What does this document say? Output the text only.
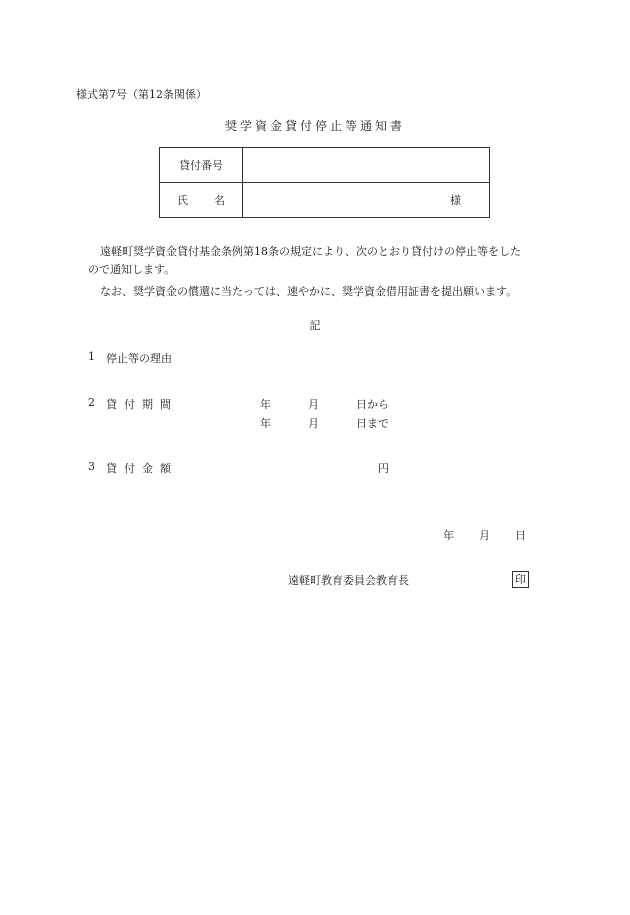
様式第7号（第12条関係）
奨学資金貸付停止等通知書
貸付番号	
氏名	様
遠軽町奨学資金貸付基金条例第18条の規定により、次のとおり貸付けの停止等をした
ので通知します。
なお、奨学資金の償還に当たっては、速やかに、奨学資金借用証書を提出願います。
記
1 停止等の理由
2 貸付期間	年	月	日から
年	月	日まで
3 貸付金額	円
年 月 日
遠軽町教育委員会教育長	印
